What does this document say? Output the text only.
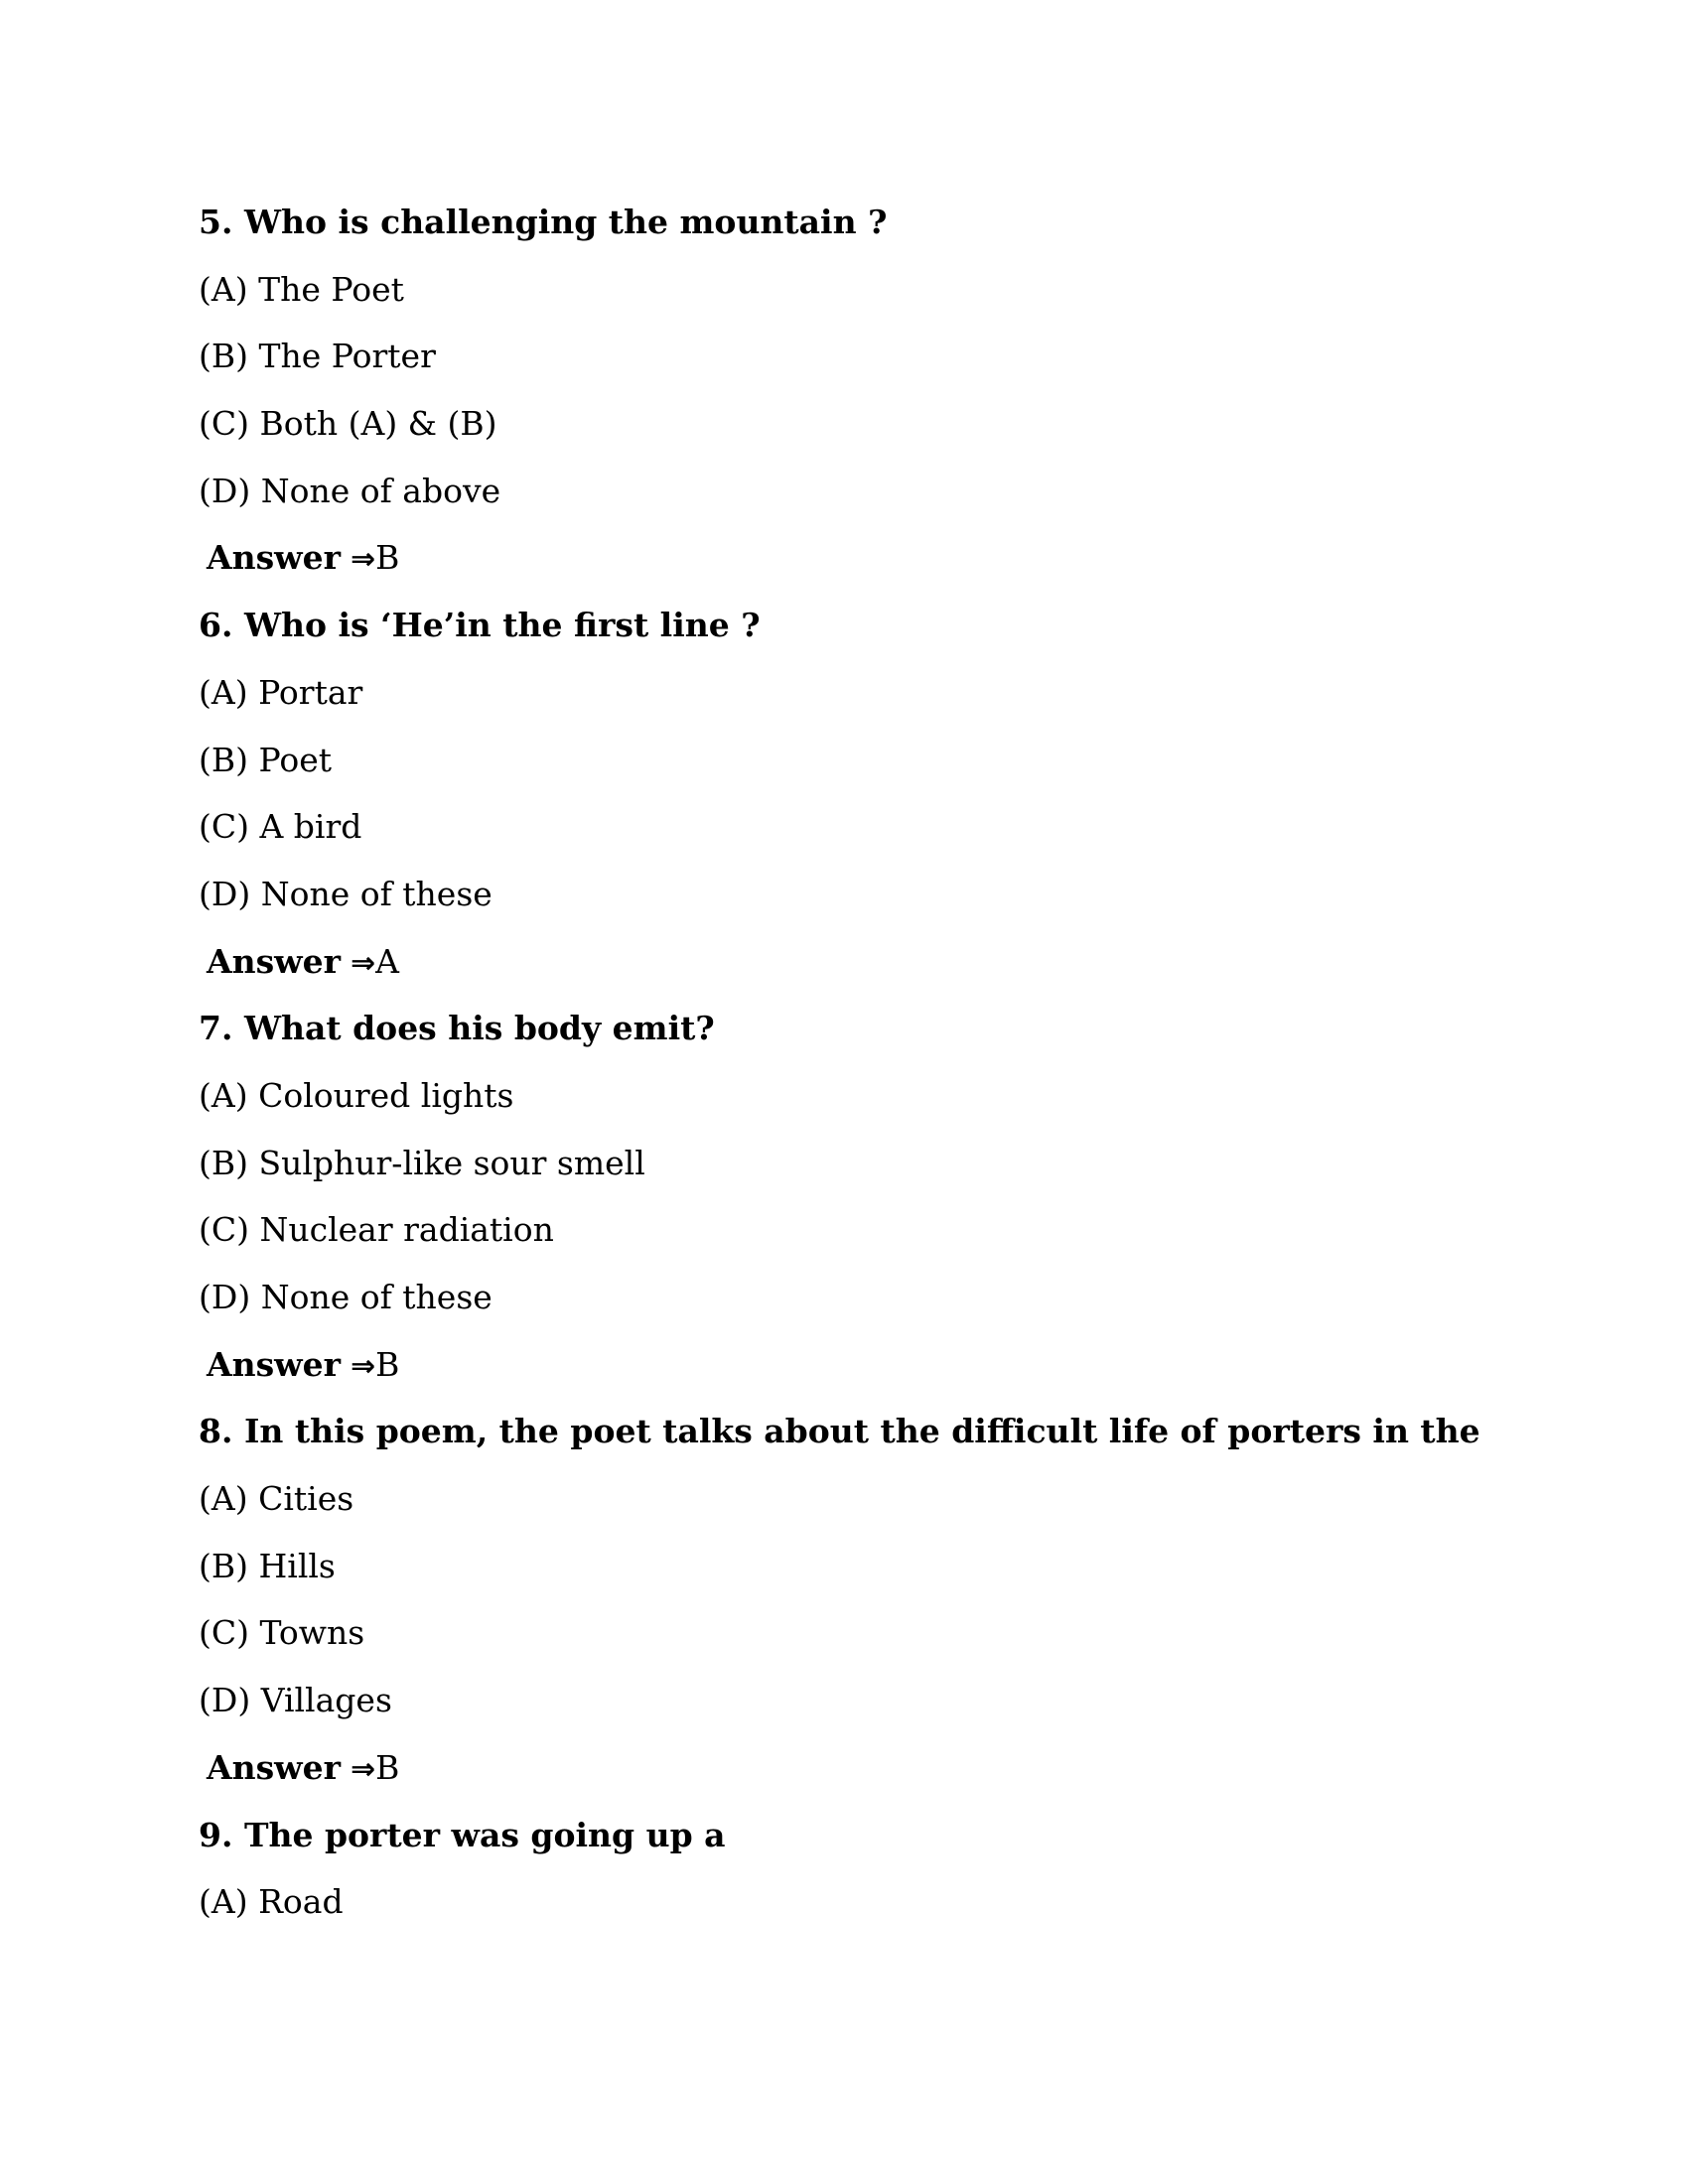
5. Who is challenging the mountain ?
(A) The Poet
(B) The Porter
(C) Both (A) & (B)
(D) None of above
Answer ⇒B
6. Who is ‘He’in the first line ?
(A) Portar
(B) Poet
(C) A bird
(D) None of these
Answer ⇒A
7. What does his body emit?
(A) Coloured lights
(B) Sulphur-like sour smell
(C) Nuclear radiation
(D) None of these
Answer ⇒B
8. In this poem, the poet talks about the difficult life of porters in the
(A) Cities
(B) Hills
(C) Towns
(D) Villages
Answer ⇒B
9. The porter was going up a
(A) Road
